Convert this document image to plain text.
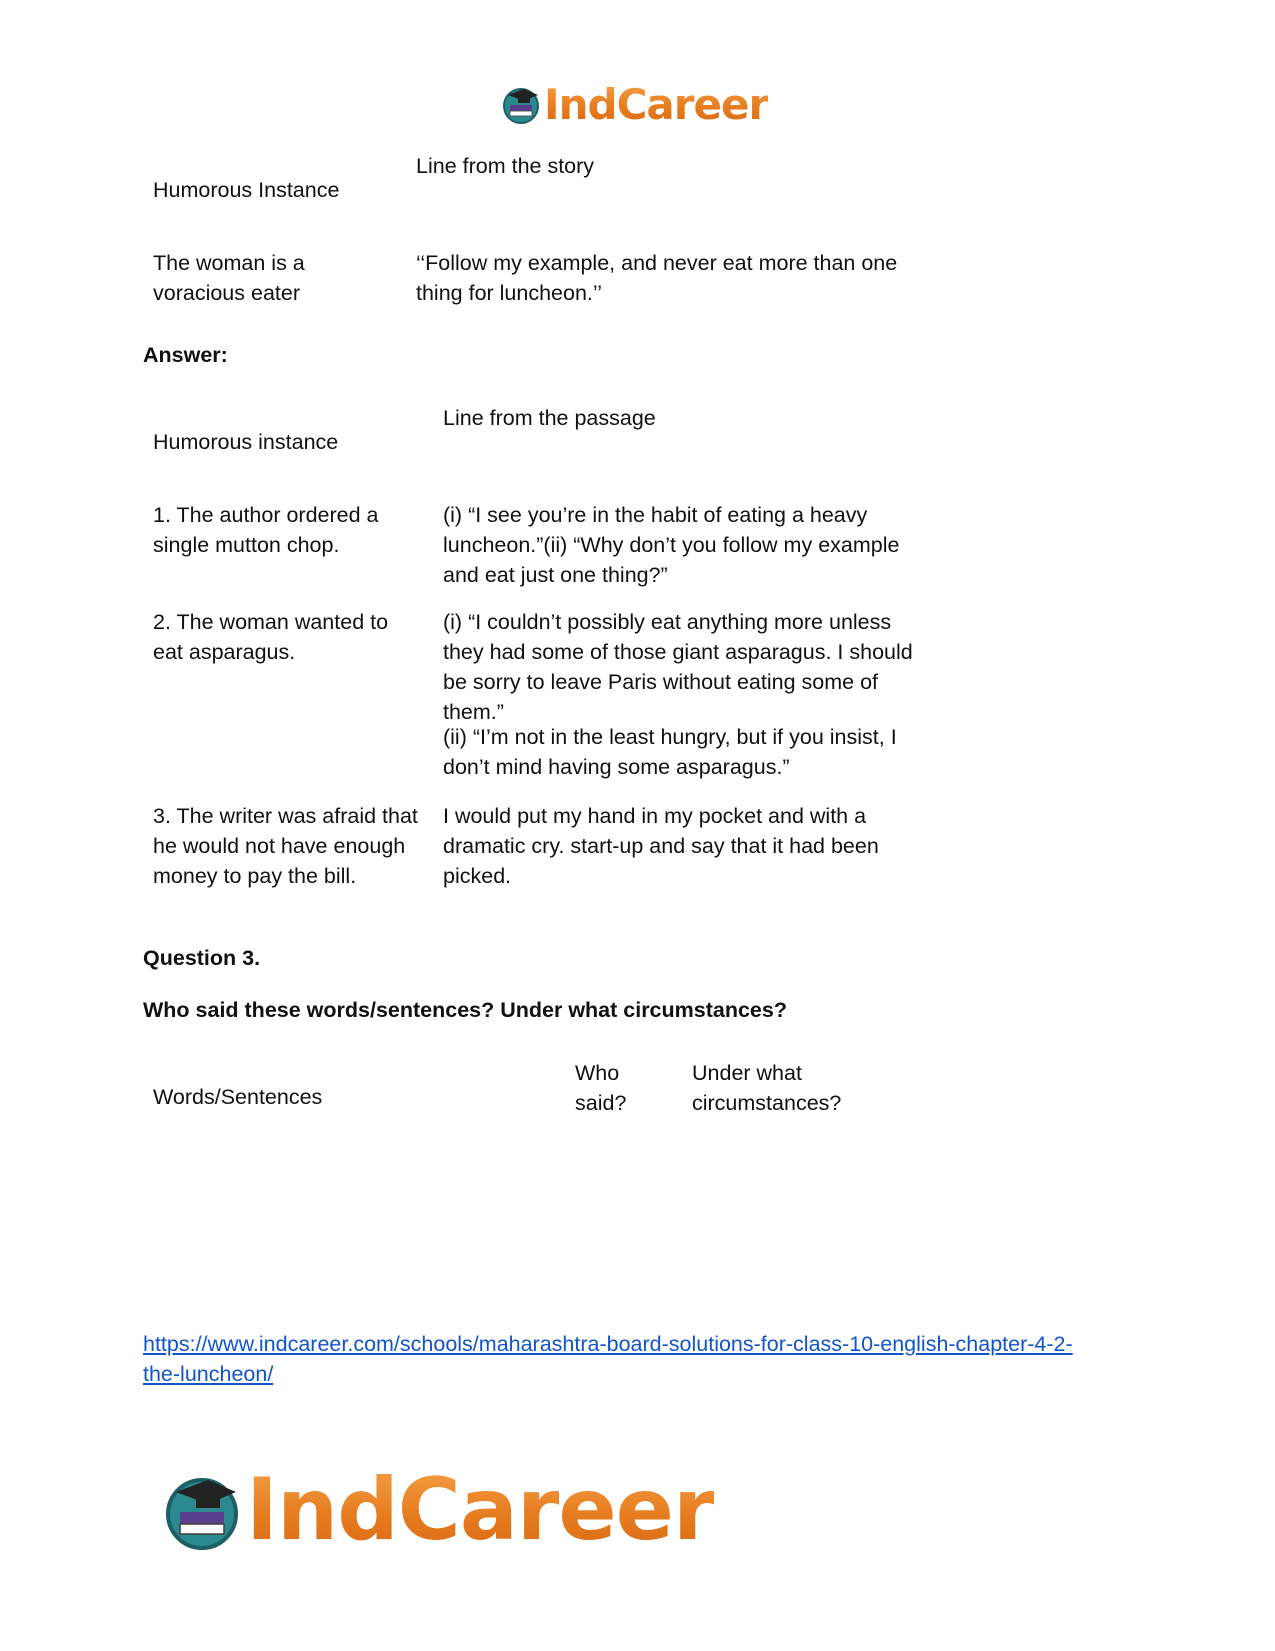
IndCareer
Line from the story
Humorous Instance
The woman is a voracious eater
‘‘Follow my example, and never eat more than one thing for luncheon.’’
Answer:
Line from the passage
Humorous instance
1. The author ordered a single mutton chop.
(i) “I see you’re in the habit of eating a heavy luncheon.”(ii) “Why don’t you follow my example and eat just one thing?”
2. The woman wanted to eat asparagus.
(i) “I couldn’t possibly eat anything more unless they had some of those giant asparagus. I should be sorry to leave Paris without eating some of them.”
(ii) “I’m not in the least hungry, but if you insist, I don’t mind having some asparagus.”
3. The writer was afraid that he would not have enough money to pay the bill.
I would put my hand in my pocket and with a dramatic cry. start-up and say that it had been picked.
Question 3.
Who said these words/sentences? Under what circumstances?
Words/Sentences
Who said?
Under what circumstances?
https://www.indcareer.com/schools/maharashtra-board-solutions-for-class-10-english-chapter-4-2-the-luncheon/
IndCareer
